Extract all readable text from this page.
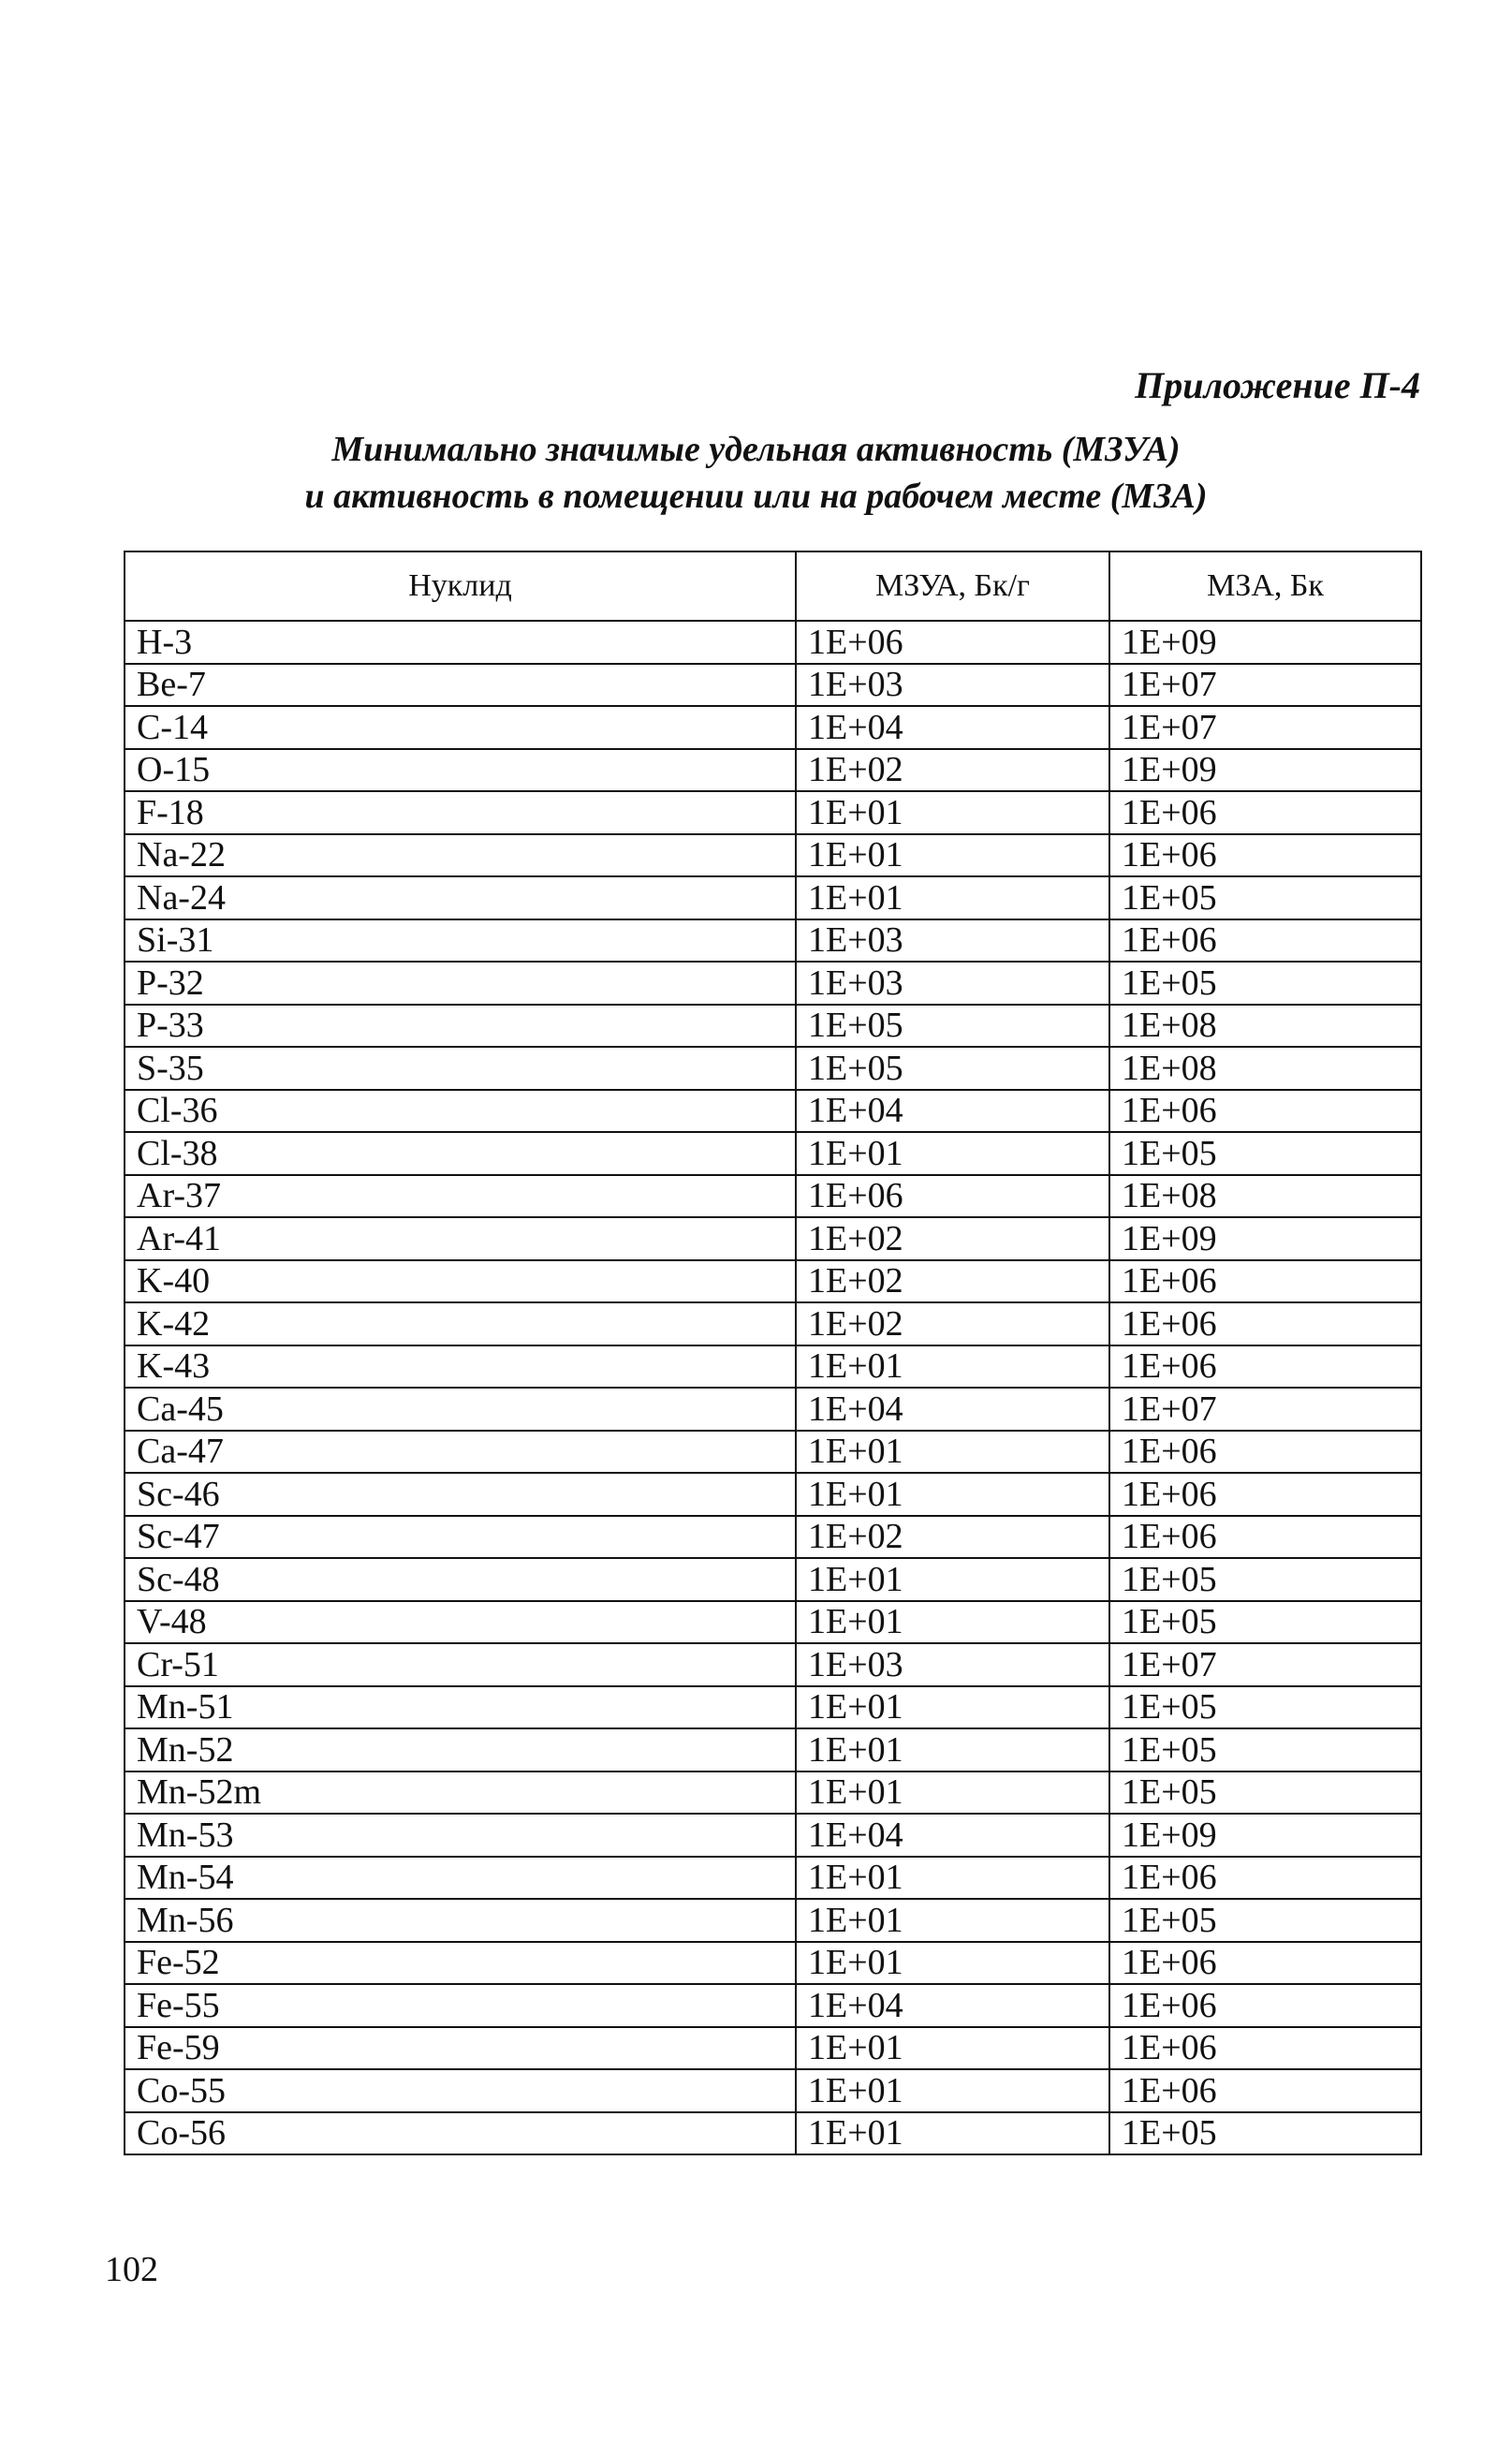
Приложение П-4
Минимально значимые удельная активность (МЗУА)
и активность в помещении или на рабочем месте (МЗА)
Нуклид	МЗУА, Бк/г	МЗА, Бк
H-3	1E+06	1E+09
Be-7	1E+03	1E+07
C-14	1E+04	1E+07
O-15	1E+02	1E+09
F-18	1E+01	1E+06
Na-22	1E+01	1E+06
Na-24	1E+01	1E+05
Si-31	1E+03	1E+06
P-32	1E+03	1E+05
P-33	1E+05	1E+08
S-35	1E+05	1E+08
Cl-36	1E+04	1E+06
Cl-38	1E+01	1E+05
Ar-37	1E+06	1E+08
Ar-41	1E+02	1E+09
K-40	1E+02	1E+06
K-42	1E+02	1E+06
K-43	1E+01	1E+06
Ca-45	1E+04	1E+07
Ca-47	1E+01	1E+06
Sc-46	1E+01	1E+06
Sc-47	1E+02	1E+06
Sc-48	1E+01	1E+05
V-48	1E+01	1E+05
Cr-51	1E+03	1E+07
Mn-51	1E+01	1E+05
Mn-52	1E+01	1E+05
Mn-52m	1E+01	1E+05
Mn-53	1E+04	1E+09
Mn-54	1E+01	1E+06
Mn-56	1E+01	1E+05
Fe-52	1E+01	1E+06
Fe-55	1E+04	1E+06
Fe-59	1E+01	1E+06
Co-55	1E+01	1E+06
Co-56	1E+01	1E+05
102
